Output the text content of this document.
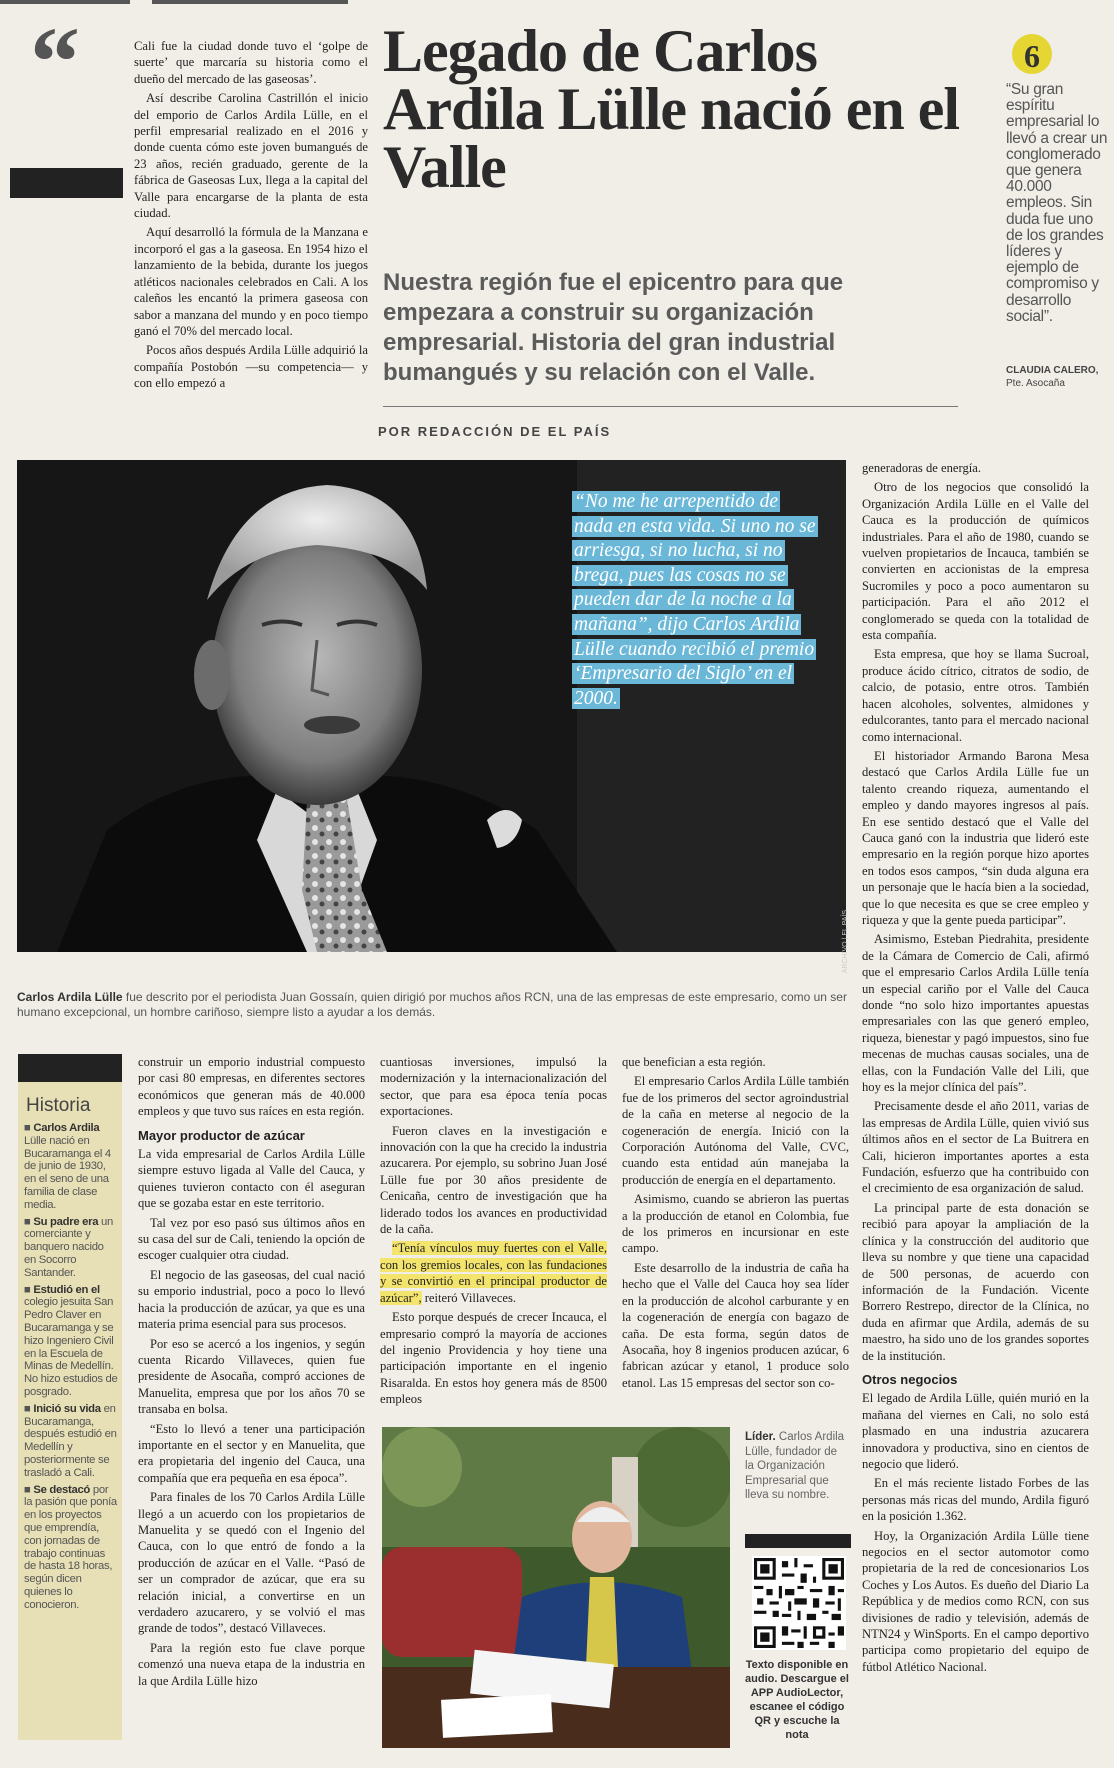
“	Cali fue la ciudad donde tuvo el ‘golpe de suerte’ que marcaría su historia como el dueño del mercado de las gaseosas’.

Así describe Carolina Castrillón el inicio del emporio de Carlos Ardila Lülle, en el perfil empresarial realizado en el 2016 y donde cuenta cómo este joven bumangués de 23 años, recién graduado, gerente de la fábrica de Gaseosas Lux, llega a la capital del Valle para encargarse de la planta de esta ciudad.

Aquí desarrolló la fórmula de la Manzana e incorporó el gas a la gaseosa. En 1954 hizo el lanzamiento de la bebida, durante los juegos atléticos nacionales celebrados en Cali. A los caleños les encantó la primera gaseosa con sabor a manzana del mundo y en poco tiempo ganó el 70% del mercado local.

Pocos años después Ardila Lülle adquirió la compañía Postobón —su competencia— y con ello empezó a

Legado de Carlos Ardila Lülle nació en el Valle
Nuestra región fue el epicentro para que empezara a construir su organización empresarial. Historia del gran industrial bumangués y su relación con el Valle.
POR REDACCIÓN DE EL PAÍS
6
“Su gran espíritu empresarial lo llevó a crear un conglomerado que genera 40.000 empleos. Sin duda fue uno de los grandes líderes y ejemplo de compromiso y desarrollo social”.
CLAUDIA CALERO,
Pte. Asocaña
“No me he arrepentido de nada en esta vida. Si uno no se arriesga, si no lucha, si no brega, pues las cosas no se pueden dar de la noche a la mañana”, dijo Carlos Ardila Lülle cuando recibió el premio ‘Empresario del Siglo’ en el 2000.
ARCHIVO | EL PAÍS
Carlos Ardila Lülle fue descrito por el periodista Juan Gossaín, quien dirigió por muchos años RCN, una de las empresas de este empresario, como un ser humano excepcional, un hombre cariñoso, siempre listo a ayudar a los demás.

generadoras de energía.

Otro de los negocios que consolidó la Organización Ardila Lülle en el Valle del Cauca es la producción de químicos industriales. Para el año de 1980, cuando se vuelven propietarios de Incauca, también se convierten en accionistas de la empresa Sucromiles y poco a poco aumentaron su participación. Para el año 2012 el conglomerado se queda con la totalidad de esta compañía.

Esta empresa, que hoy se llama Sucroal, produce ácido cítrico, citratos de sodio, de calcio, de potasio, entre otros. También hacen alcoholes, solventes, almidones y edulcorantes, tanto para el mercado nacional como internacional.

El historiador Armando Barona Mesa destacó que Carlos Ardila Lülle fue un talento creando riqueza, aumentando el empleo y dando mayores ingresos al país. En ese sentido destacó que el Valle del Cauca ganó con la industria que lideró este empresario en la región porque hizo aportes en todos esos campos, “sin duda alguna era un personaje que le hacía bien a la sociedad, que lo que necesita es que se cree empleo y riqueza y que la gente pueda participar”.

Asimismo, Esteban Piedrahita, presidente de la Cámara de Comercio de Cali, afirmó que el empresario Carlos Ardila Lülle tenía un especial cariño por el Valle del Cauca donde “no solo hizo importantes apuestas empresariales con las que generó empleo, riqueza, bienestar y pagó impuestos, sino fue mecenas de muchas causas sociales, una de ellas, con la Fundación Valle del Lili, que hoy es la mejor clínica del país”.

Precisamente desde el año 2011, varias de las empresas de Ardila Lülle, quien vivió sus últimos años en el sector de La Buitrera en Cali, hicieron importantes aportes a esta Fundación, esfuerzo que ha contribuido con el crecimiento de esa organización de salud.

La principal parte de esta donación se recibió para apoyar la ampliación de la clínica y la construcción del auditorio que lleva su nombre y que tiene una capacidad de 500 personas, de acuerdo con información de la Fundación. Vicente Borrero Restrepo, director de la Clínica, no duda en afirmar que Ardila, además de su maestro, ha sido uno de los grandes soportes de la institución.

Otros negocios

El legado de Ardila Lülle, quién murió en la mañana del viernes en Cali, no solo está plasmado en una industria azucarera innovadora y productiva, sino en cientos de negocio que lideró.

En el más reciente listado Forbes de las personas más ricas del mundo, Ardila figuró en la posición 1.362.

Hoy, la Organización Ardila Lülle tiene negocios en el sector automotor como propietaria de la red de concesionarios Los Coches y Los Autos. Es dueño del Diario La República y de medios como RCN, con sus divisiones de radio y televisión, además de NTN24 y WinSports. En el campo deportivo participa como propietario del equipo de fútbol Atlético Nacional.

Historia
■ Carlos Ardila Lülle nació en Bucaramanga el 4 de junio de 1930, en el seno de una familia de clase media.
■ Su padre era un comerciante y banquero nacido en Socorro Santander.
■ Estudió en el colegio jesuita San Pedro Claver en Bucaramanga y se hizo Ingeniero Civil en la Escuela de Minas de Medellín. No hizo estudios de posgrado.
■ Inició su vida en Bucaramanga, después estudió en Medellín y posteriormente se trasladó a Cali.
■ Se destacó por la pasión que ponía en los proyectos que emprendía, con jornadas de trabajo continuas de hasta 18 horas, según dicen quienes lo conocieron.

construir un emporio industrial compuesto por casi 80 empresas, en diferentes sectores económicos que generan más de 40.000 empleos y que tuvo sus raíces en esta región.

Mayor productor de azúcar

La vida empresarial de Carlos Ardila Lülle siempre estuvo ligada al Valle del Cauca, y quienes tuvieron contacto con él aseguran que se gozaba estar en este territorio.

Tal vez por eso pasó sus últimos años en su casa del sur de Cali, teniendo la opción de escoger cualquier otra ciudad.

El negocio de las gaseosas, del cual nació su emporio industrial, poco a poco lo llevó hacia la producción de azúcar, ya que es una materia prima esencial para sus procesos.

Por eso se acercó a los ingenios, y según cuenta Ricardo Villaveces, quien fue presidente de Asocaña, compró acciones de Manuelita, empresa que por los años 70 se transaba en bolsa.

“Esto lo llevó a tener una participación importante en el sector y en Manuelita, que era propietaria del ingenio del Cauca, una compañía que era pequeña en esa época”.

Para finales de los 70 Carlos Ardila Lülle llegó a un acuerdo con los propietarios de Manuelita y se quedó con el Ingenio del Cauca, con lo que entró de fondo a la producción de azúcar en el Valle. “Pasó de ser un comprador de azúcar, que era su relación inicial, a convertirse en un verdadero azucarero, y se volvió el mas grande de todos”, destacó Villaveces.

Para la región esto fue clave porque comenzó una nueva etapa de la industria en la que Ardila Lülle hizo

cuantiosas inversiones, impulsó la modernización y la internacionalización del sector, que para esa época tenía pocas exportaciones.

Fueron claves en la investigación e innovación con la que ha crecido la industria azucarera. Por ejemplo, su sobrino Juan José Lülle fue por 30 años presidente de Cenicaña, centro de investigación que ha liderado todos los avances en productividad de la caña.

“Tenía vínculos muy fuertes con el Valle, con los gremios locales, con las fundaciones y se convirtió en el principal productor de azúcar”, reiteró Villaveces.

Esto porque después de crecer Incauca, el empresario compró la mayoría de acciones del ingenio Providencia y hoy tiene una participación importante en el ingenio Risaralda. En estos hoy genera más de 8500 empleos

que benefician a esta región.

El empresario Carlos Ardila Lülle también fue de los primeros del sector agroindustrial de la caña en meterse al negocio de la cogeneración de energía. Inició con la Corporación Autónoma del Valle, CVC, cuando esta entidad aún manejaba la producción de energía en el departamento.

Asimismo, cuando se abrieron las puertas a la producción de etanol en Colombia, fue de los primeros en incursionar en este campo.

Este desarrollo de la industria de caña ha hecho que el Valle del Cauca hoy sea líder en la producción de alcohol carburante y en la cogeneración de energía con bagazo de caña. De esta forma, según datos de Asocaña, hoy 8 ingenios producen azúcar, 6 fabrican azúcar y etanol, 1 produce solo etanol. Las 15 empresas del sector son co-

Líder. Carlos Ardila Lülle, fundador de la Organización Empresarial que lleva su nombre.
Texto disponible en audio. Descargue el APP AudioLector, escanee el código QR y escuche la nota
